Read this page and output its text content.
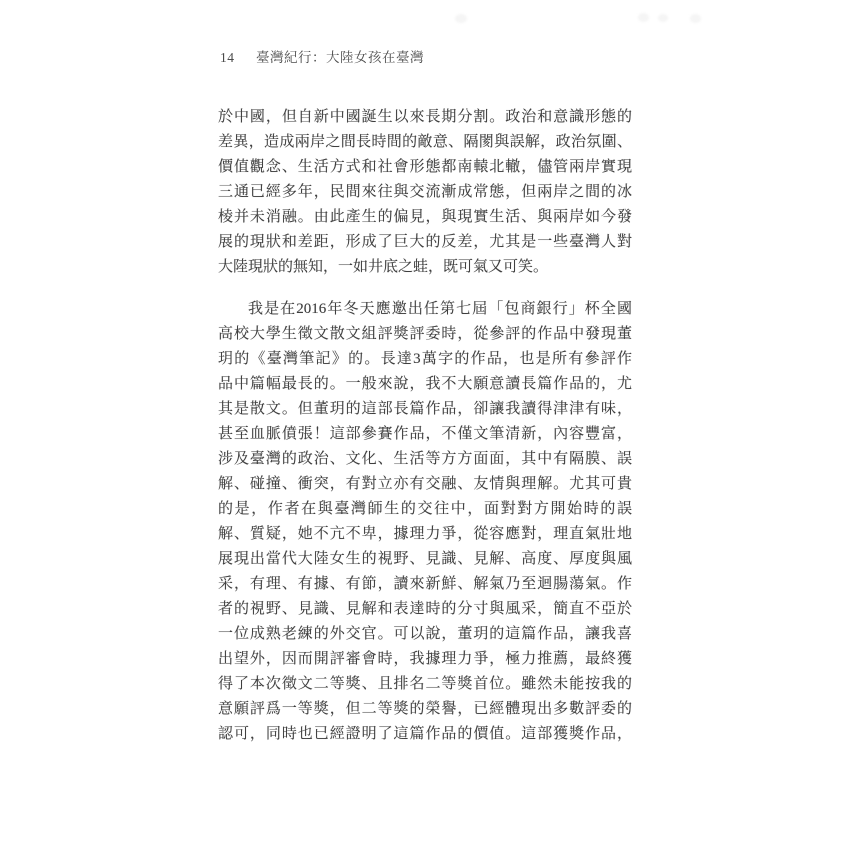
14	臺灣紀行：大陸女孩在臺灣
於中國，但自新中國誕生以來長期分割。政治和意識形態的
差異，造成兩岸之間長時間的敵意、隔閡與誤解，政治氛圍、
價值觀念、生活方式和社會形態都南轅北轍，儘管兩岸實現
三通已經多年，民間來往與交流漸成常態，但兩岸之間的冰
棱并未消融。由此產生的偏見，與現實生活、與兩岸如今發
展的現狀和差距，形成了巨大的反差，尤其是一些臺灣人對
大陸現狀的無知，一如井底之蛙，既可氣又可笑。
我是在2016年冬天應邀出任第七屆「包商銀行」杯全國
高校大學生徵文散文組評獎評委時，從參評的作品中發現董
玥的《臺灣筆記》的。長達3萬字的作品，也是所有參評作
品中篇幅最長的。一般來說，我不大願意讀長篇作品的，尤
其是散文。但董玥的這部長篇作品，卻讓我讀得津津有味，
甚至血脈僨張！這部參賽作品，不僅文筆清新，內容豐富，
涉及臺灣的政治、文化、生活等方方面面，其中有隔膜、誤
解、碰撞、衝突，有對立亦有交融、友情與理解。尤其可貴
的是，作者在與臺灣師生的交往中，面對對方開始時的誤
解、質疑，她不亢不卑，據理力爭，從容應對，理直氣壯地
展現出當代大陸女生的視野、見識、見解、高度、厚度與風
采，有理、有據、有節，讀來新鮮、解氣乃至迴腸蕩氣。作
者的視野、見識、見解和表達時的分寸與風采，簡直不亞於
一位成熟老練的外交官。可以說，董玥的這篇作品，讓我喜
出望外，因而開評審會時，我據理力爭，極力推薦，最終獲
得了本次徵文二等獎、且排名二等獎首位。雖然未能按我的
意願評爲一等獎，但二等獎的榮譽，已經體現出多數評委的
認可，同時也已經證明了這篇作品的價值。這部獲獎作品，
